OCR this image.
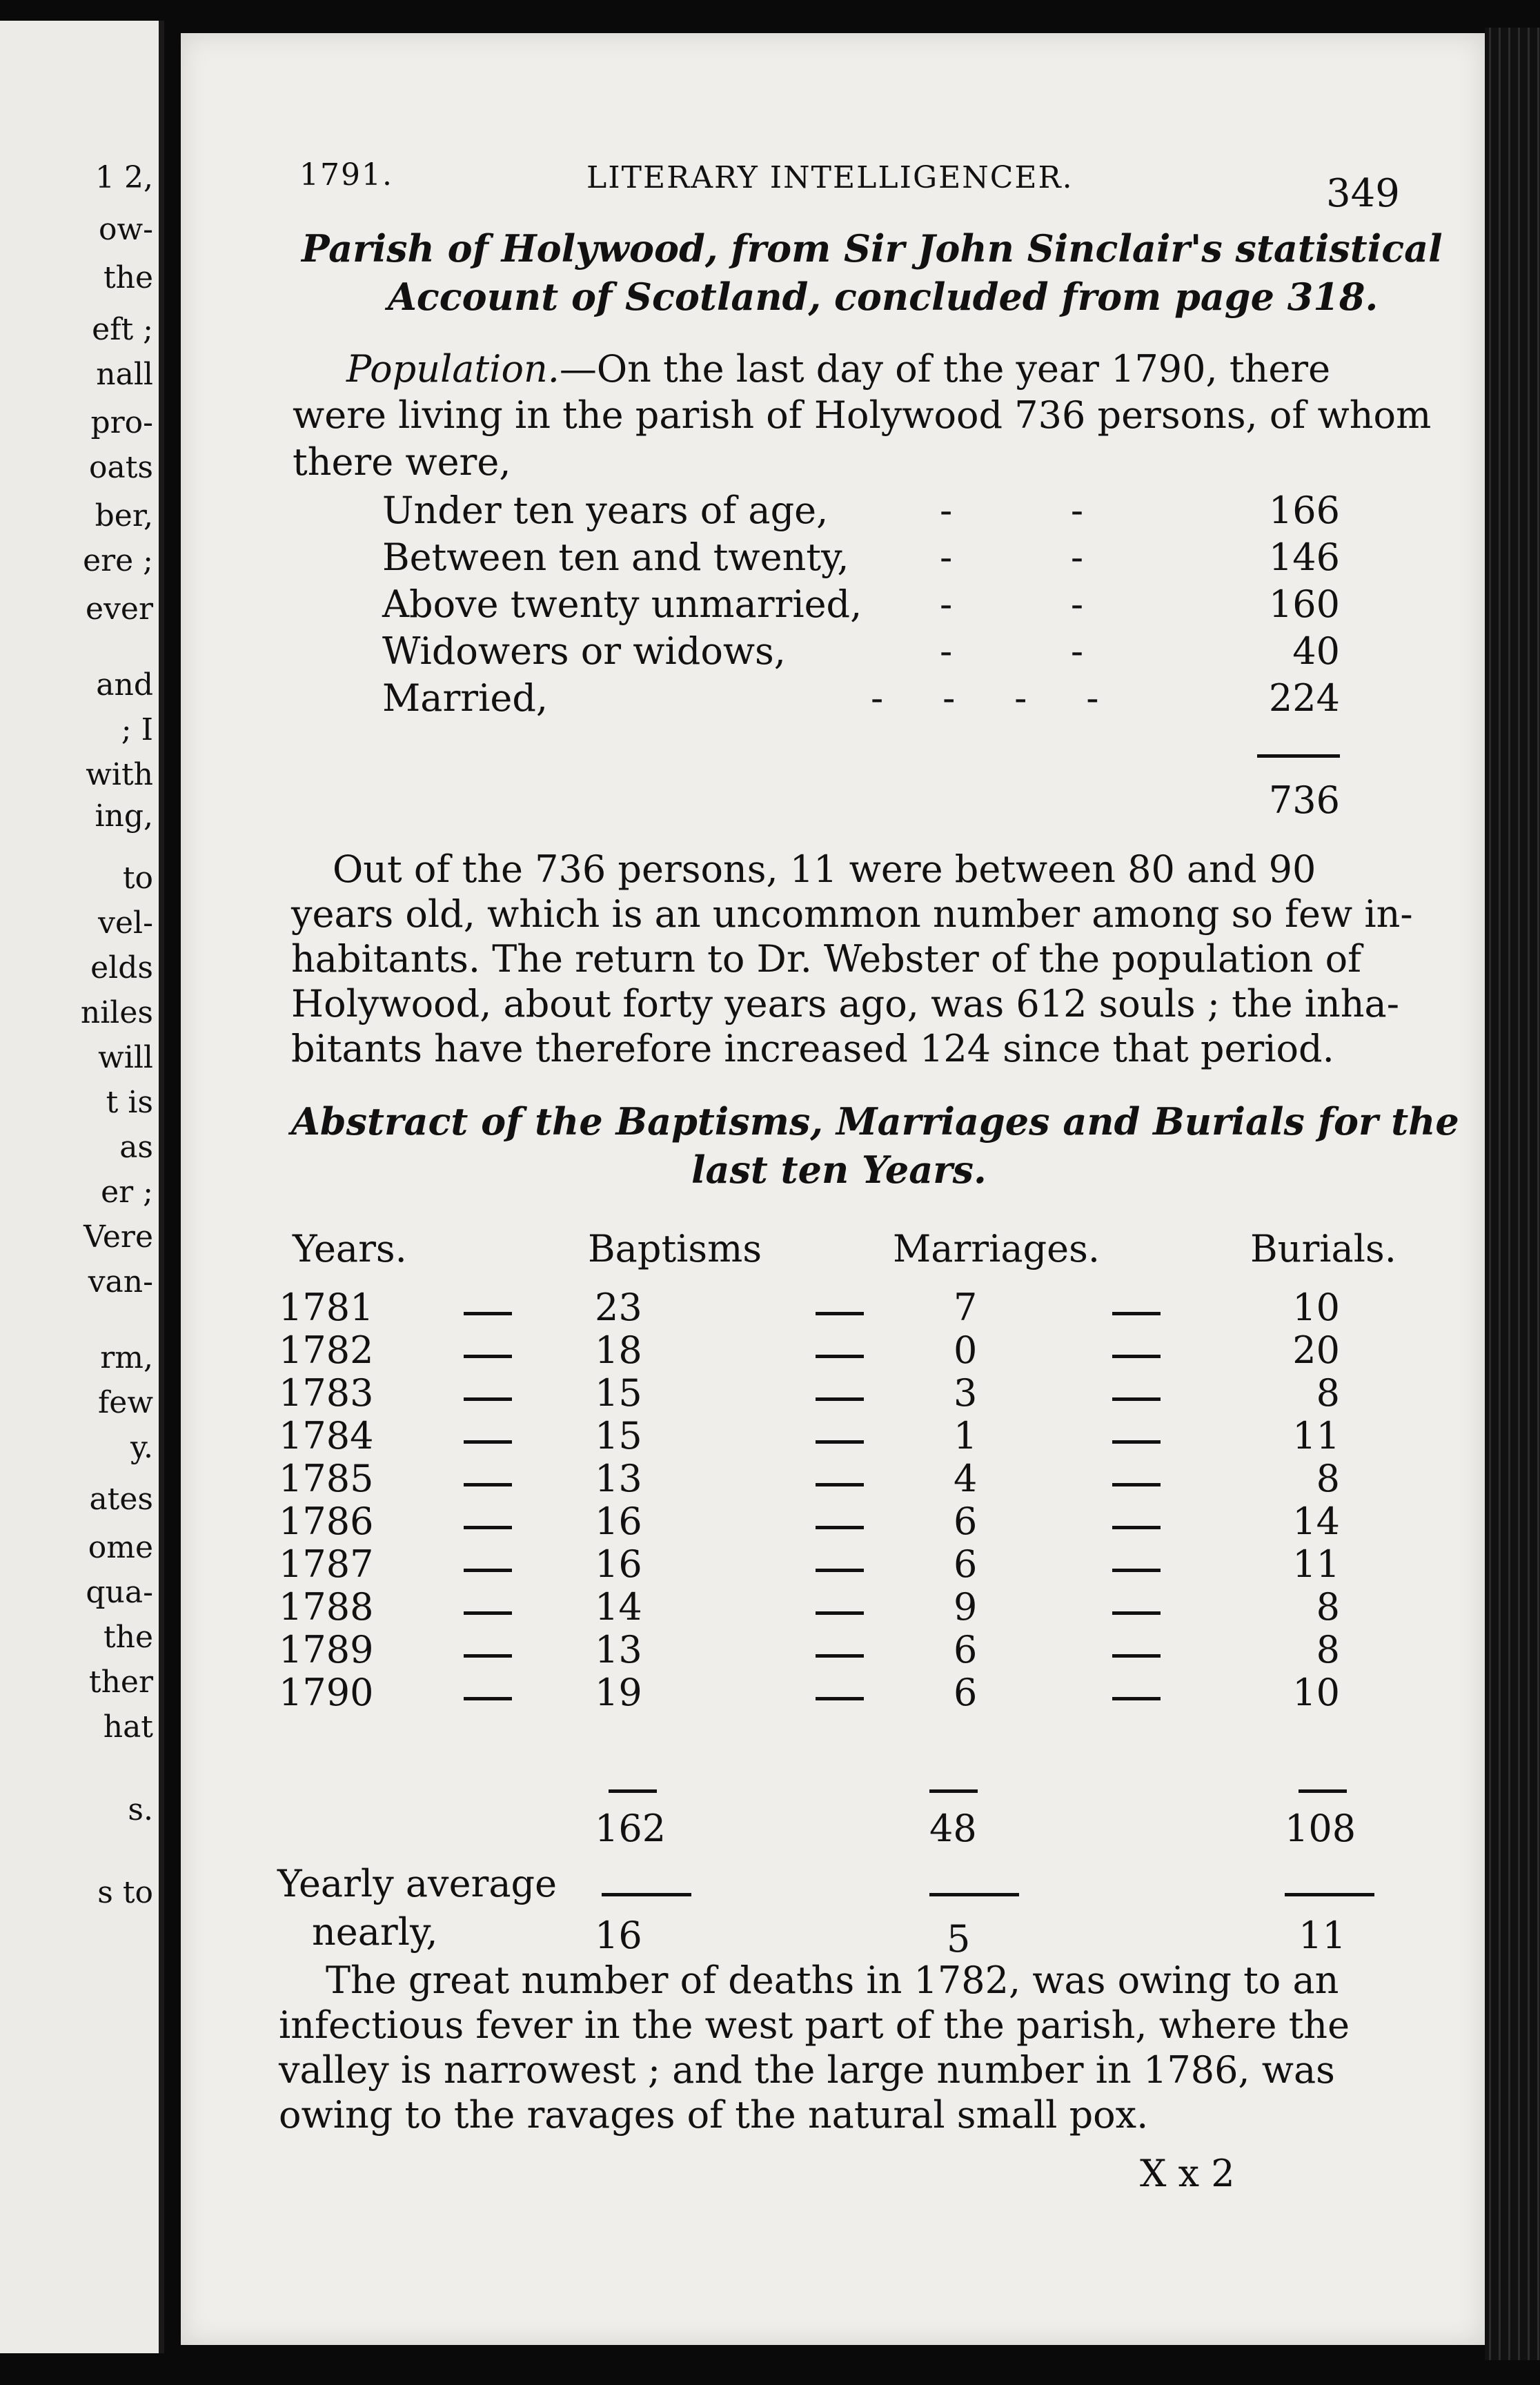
1 2,
ow-
the
eft ;
nall
pro-
oats
ber,
ere ;
ever
and
; I
with
ing,
to
vel-
elds
niles
will
t is
as
er ;
Vere
van-
rm,
few
y.
ates
ome
qua-
the
ther
hat
s.
s to
1791.	LITERARY INTELLIGENCER.	349
Parish of Holywood, from Sir John Sinclair's statistical
Account of Scotland, concluded from page 318.
Population.—On the last day of the year 1790, there
were living in the parish of Holywood 736 persons, of whom
there were,
Under ten years of age,	-          -	166
Between ten and twenty, -          -	146
Above twenty unmarried, -          -	160
Widowers or widows,	-          -	40
Married,	-     -     -     -	224
736
Out of the 736 persons, 11 were between 80 and 90
years old, which is an uncommon number among so few in-
habitants. The return to Dr. Webster of the population of
Holywood, about forty years ago, was 612 souls ; the inha-
bitants have therefore increased 124 since that period.
Abstract of the Baptisms, Marriages and Burials for the
last ten Years.
Years.	Baptisms	Marriages.	Burials.
1781	23	7	10
1782	18	0	20
1783	15	3	8
1784	15	1	11
1785	13	4	8
1786	16	6	14
1787	16	6	11
1788	14	9	8
1789	13	6	8
1790	19	6	10
162	48	108
Yearly average
nearly,	16	5	11
The great number of deaths in 1782, was owing to an
infectious fever in the west part of the parish, where the
valley is narrowest ; and the large number in 1786, was
owing to the ravages of the natural small pox.
X x 2
